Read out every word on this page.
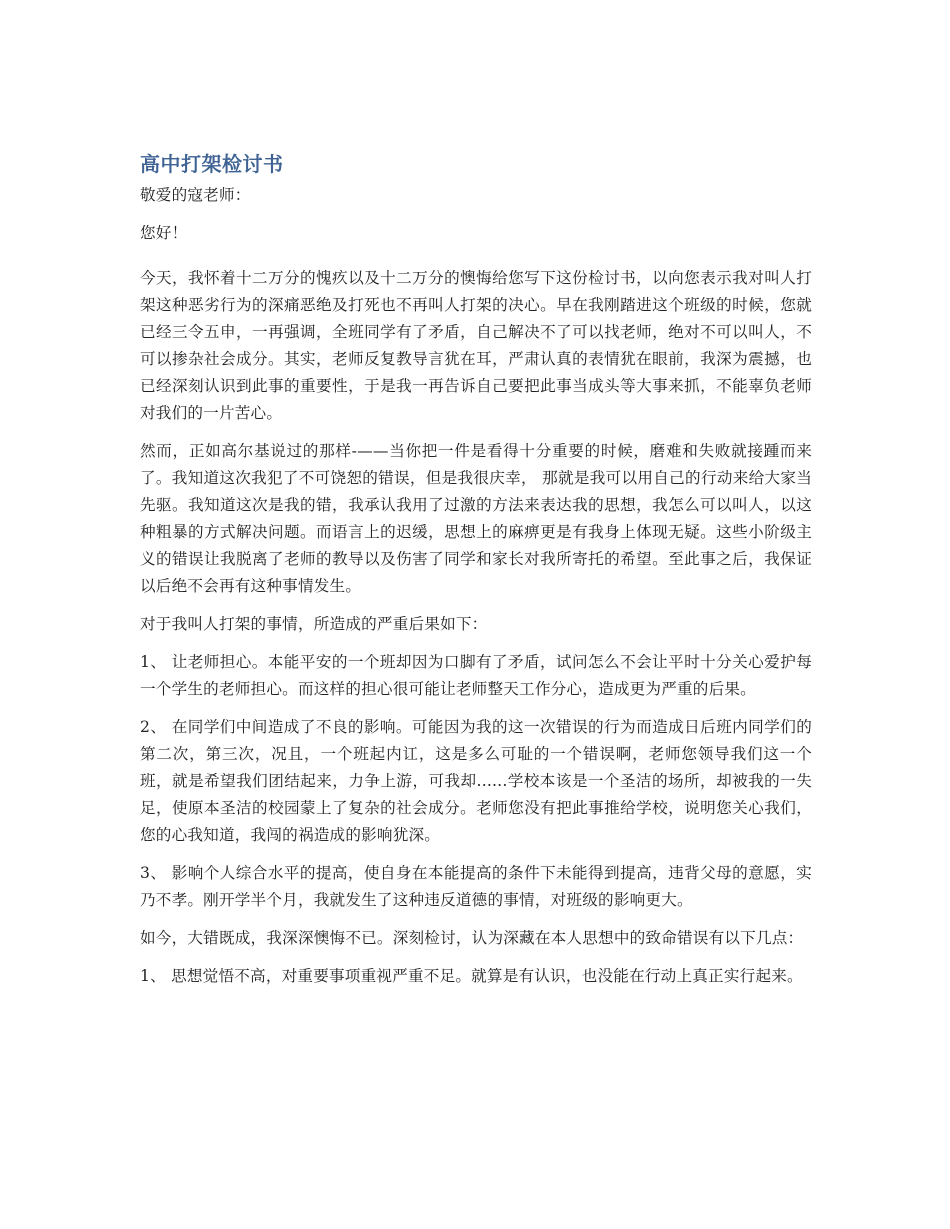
高中打架检讨书

敬爱的寇老师：

您好！

今天，我怀着十二万分的愧疚以及十二万分的懊悔给您写下这份检讨书，以向您表示我对叫人打架这种恶劣行为的深痛恶绝及打死也不再叫人打架的决心。早在我刚踏进这个班级的时候，您就已经三令五申，一再强调，全班同学有了矛盾，自己解决不了可以找老师，绝对不可以叫人，不可以掺杂社会成分。其实，老师反复教导言犹在耳，严肃认真的表情犹在眼前，我深为震撼，也已经深刻认识到此事的重要性，于是我一再告诉自己要把此事当成头等大事来抓，不能辜负老师对我们的一片苦心。

然而，正如高尔基说过的那样-——当你把一件是看得十分重要的时候，磨难和失败就接踵而来了。我知道这次我犯了不可饶恕的错误，但是我很庆幸， 那就是我可以用自己的行动来给大家当先驱。我知道这次是我的错，我承认我用了过激的方法来表达我的思想，我怎么可以叫人，以这种粗暴的方式解决问题。而语言上的迟缓，思想上的麻痹更是有我身上体现无疑。这些小阶级主义的错误让我脱离了老师的教导以及伤害了同学和家长对我所寄托的希望。至此事之后，我保证以后绝不会再有这种事情发生。

对于我叫人打架的事情，所造成的严重后果如下：

1、 让老师担心。本能平安的一个班却因为口脚有了矛盾，试问怎么不会让平时十分关心爱护每一个学生的老师担心。而这样的担心很可能让老师整天工作分心，造成更为严重的后果。

2、 在同学们中间造成了不良的影响。可能因为我的这一次错误的行为而造成日后班内同学们的第二次，第三次，况且，一个班起内讧，这是多么可耻的一个错误啊，老师您领导我们这一个班，就是希望我们团结起来，力争上游，可我却......学校本该是一个圣洁的场所，却被我的一失足，使原本圣洁的校园蒙上了复杂的社会成分。老师您没有把此事推给学校，说明您关心我们，您的心我知道，我闯的祸造成的影响犹深。

3、 影响个人综合水平的提高，使自身在本能提高的条件下未能得到提高，违背父母的意愿，实乃不孝。刚开学半个月，我就发生了这种违反道德的事情，对班级的影响更大。

如今，大错既成，我深深懊悔不已。深刻检讨，认为深藏在本人思想中的致命错误有以下几点：

1、 思想觉悟不高，对重要事项重视严重不足。就算是有认识，也没能在行动上真正实行起来。
